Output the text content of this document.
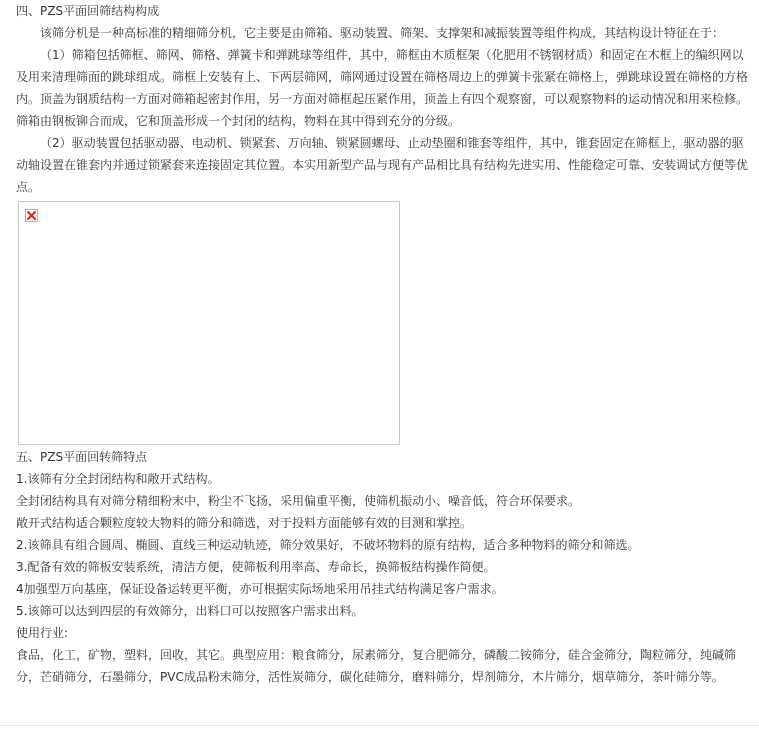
四、PZS平面回筛结构构成

该筛分机是一种高标准的精细筛分机，它主要是由筛箱、驱动装置、筛架、支撑架和减振装置等组件构成，其结构设计特征在于：

（1）筛箱包括筛框、筛网、筛格、弹簧卡和弹跳球等组件，其中，筛框由木质框架（化肥用不锈钢材质）和固定在木框上的编织网以及用来清理筛面的跳球组成。筛框上安装有上、下两层筛网，筛网通过设置在筛格周边上的弹簧卡张紧在筛格上，弹跳球设置在筛格的方格内。顶盖为钢质结构一方面对筛箱起密封作用，另一方面对筛框起压紧作用，顶盖上有四个观察窗，可以观察物料的运动情况和用来检修。筛箱由钢板铆合而成，它和顶盖形成一个封闭的结构，物料在其中得到充分的分级。

（2）驱动装置包括驱动器、电动机、锁紧套、万向轴、锁紧圆螺母、止动垫圈和锥套等组件，其中，锥套固定在筛框上，驱动器的驱动轴设置在锥套内并通过锁紧套来连接固定其位置。本实用新型产品与现有产品相比具有结构先进实用、性能稳定可靠、安装调试方便等优点。

五、PZS平面回转筛特点

1.该筛有分全封闭结构和敞开式结构。

全封闭结构具有对筛分精细粉末中，粉尘不飞扬，采用偏重平衡，使筛机振动小、噪音低，符合环保要求。

敞开式结构适合颗粒度较大物料的筛分和筛选，对于投料方面能够有效的目测和掌控。

2.该筛具有组合圆周、椭圆、直线三种运动轨迹，筛分效果好，不破坏物料的原有结构，适合多种物料的筛分和筛选。

3.配备有效的筛板安装系统，清洁方便，使筛板利用率高、寿命长，换筛板结构操作简便。

4加强型万向基座，保证设备运转更平衡，亦可根据实际场地采用吊挂式结构满足客户需求。

5.该筛可以达到四层的有效筛分，出料口可以按照客户需求出料。

使用行业:

食品，化工，矿物，塑料，回收，其它。典型应用：粮食筛分，尿素筛分，复合肥筛分，磷酸二铵筛分，硅合金筛分，陶粒筛分，纯碱筛分，芒硝筛分，石墨筛分，PVC成品粉末筛分，活性炭筛分，碳化硅筛分，磨料筛分，焊剂筛分，木片筛分，烟草筛分，茶叶筛分等。
